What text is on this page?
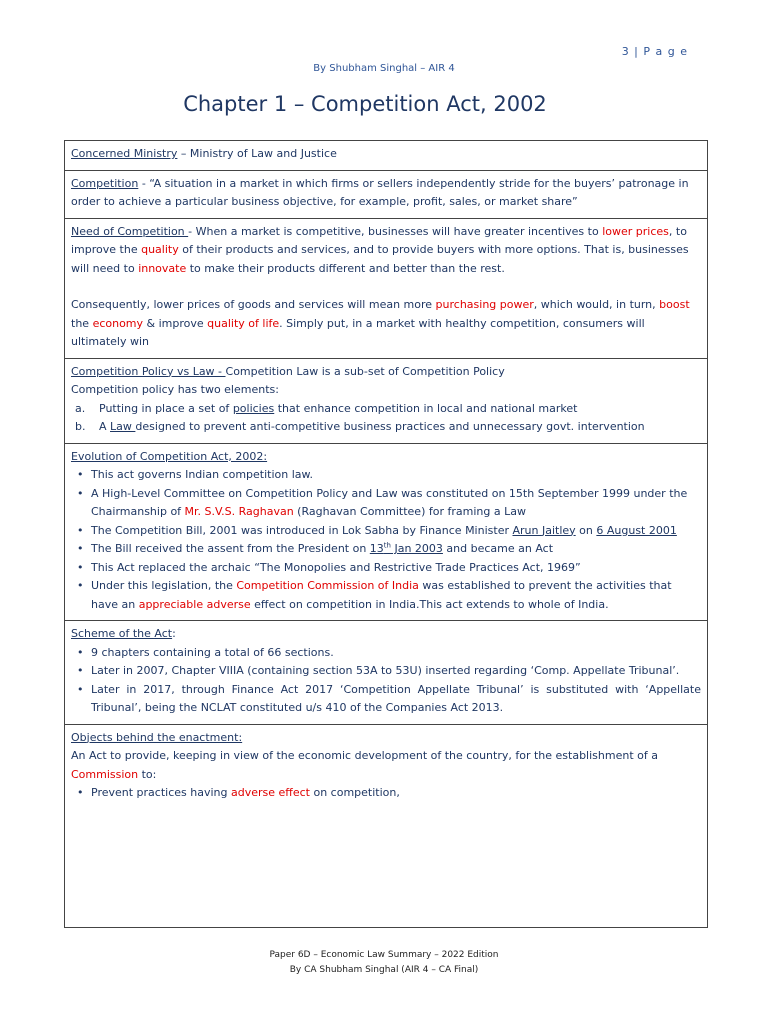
3 | P a g e
By Shubham Singhal – AIR 4
Chapter 1 – Competition Act, 2002
Concerned Ministry – Ministry of Law and Justice
Competition - “A situation in a market in which firms or sellers independently stride for the buyers’ patronage in order to achieve a particular business objective, for example, profit, sales, or market share”
Need of Competition - When a market is competitive, businesses will have greater incentives to lower prices, to improve the quality of their products and services, and to provide buyers with more options. That is, businesses
will need to innovate to make their products different and better than the rest.
Consequently, lower prices of goods and services will mean more purchasing power, which would, in turn, boost the economy & improve quality of life. Simply put, in a market with healthy competition, consumers will ultimately win
Competition Policy vs Law - Competition Law is a sub-set of Competition Policy
Competition policy has two elements:
a. Putting in place a set of policies that enhance competition in local and national market
b. A Law designed to prevent anti-competitive business practices and unnecessary govt. intervention
Evolution of Competition Act, 2002:
• This act governs Indian competition law.
• A High-Level Committee on Competition Policy and Law was constituted on 15th September 1999 under the Chairmanship of Mr. S.V.S. Raghavan (Raghavan Committee) for framing a Law
• The Competition Bill, 2001 was introduced in Lok Sabha by Finance Minister Arun Jaitley on 6 August 2001
• The Bill received the assent from the President on 13th Jan 2003 and became an Act
• This Act replaced the archaic “The Monopolies and Restrictive Trade Practices Act, 1969”
• Under this legislation, the Competition Commission of India was established to prevent the activities that have an appreciable adverse effect on competition in India.This act extends to whole of India.
Scheme of the Act:
• 9 chapters containing a total of 66 sections.
• Later in 2007, Chapter VIIIA (containing section 53A to 53U) inserted regarding ‘Comp. Appellate Tribunal’.
• Later in 2017, through Finance Act 2017 ‘Competition Appellate Tribunal’ is substituted with ‘Appellate Tribunal’, being the NCLAT constituted u/s 410 of the Companies Act 2013.
Objects behind the enactment:
An Act to provide, keeping in view of the economic development of the country, for the establishment of a Commission to:
• Prevent practices having adverse effect on competition,
Paper 6D – Economic Law Summary – 2022 Edition
By CA Shubham Singhal (AIR 4 – CA Final)
